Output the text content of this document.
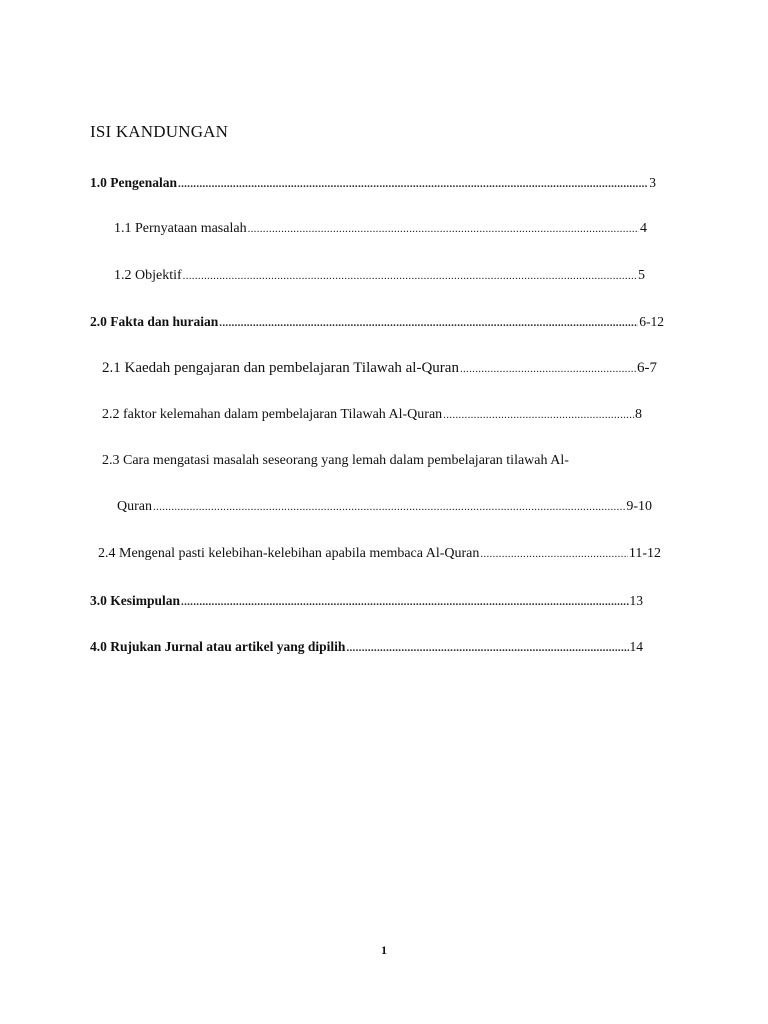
ISI KANDUNGAN
1.0 Pengenalan .....	3
1.1 Pernyataan masalah .....	4
1.2 Objektif .....	5
2.0 Fakta dan huraian .....	6-12
2.1 Kaedah pengajaran dan pembelajaran Tilawah al-Quran .....	6-7
2.2 faktor kelemahan dalam pembelajaran Tilawah Al-Quran .....	8
2.3 Cara mengatasi masalah seseorang yang lemah dalam pembelajaran tilawah Al-
Quran .....	9-10
2.4 Mengenal pasti kelebihan-kelebihan apabila membaca Al-Quran .....	11-12
3.0 Kesimpulan .....	13
4.0 Rujukan Jurnal atau artikel yang dipilih .....	14
1
